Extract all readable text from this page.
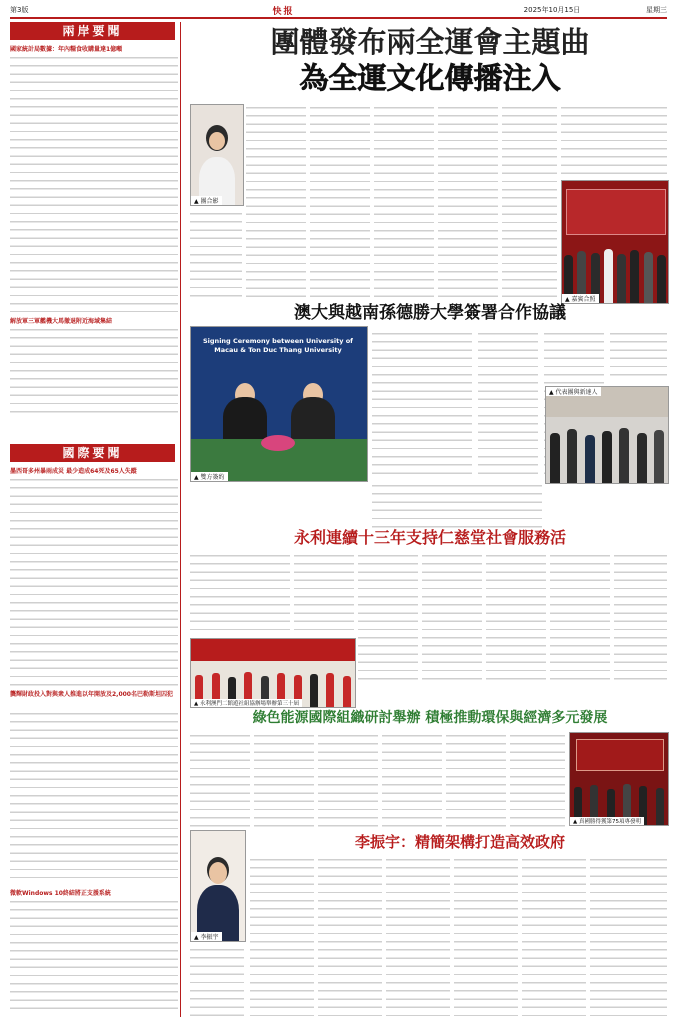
第3版	快报	2025年10月15日	星期三
兩岸要聞
國家統計局數據：年內糧食收購量達1億噸
解放軍三軍艦機大馬撤退附近海域集結
國際要聞
墨西哥多州暴雨成災 最少造成64死及65人失蹤
龔輝財政投入對與衆人推進以年開放及2,000名巴勒斯坦囚犯
微軟Windows 10終結將正支援系統
團體發布兩全運會主題曲
為全運文化傳播注入
▲ 團合影
▲ 嘉賓合照
澳大與越南孫德勝大學簽署合作協議
Signing Ceremony between University of Macau & Ton Duc Thang University
▲ 雙方簽約
▲ 代表團與新達人
永利連續十三年支持仁慈堂社會服務活
▲ 永利澳門二館遊社組協辦場舉辦第三十屆
綠色能源國際組織研討舉辦 積極推動環保與經濟多元發展
▲ 真國勝得獲第75項專發明
李振宇：精簡架構打造高效政府
▲ 李振宇
